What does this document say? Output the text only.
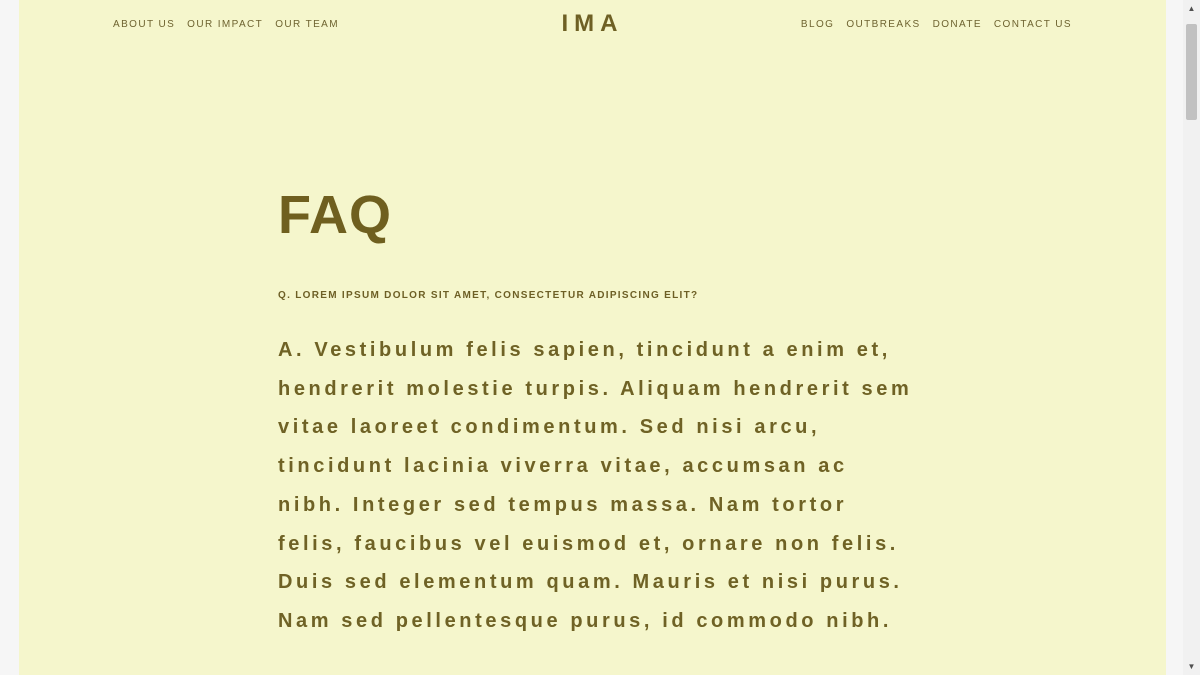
ABOUT US OUR IMPACT OUR TEAM	IMA	BLOG OUTBREAKS DONATE CONTACT US
FAQ

Q. LOREM IPSUM DOLOR SIT AMET, CONSECTETUR ADIPISCING ELIT?

A. Vestibulum felis sapien, tincidunt a enim et, hendrerit molestie turpis. Aliquam hendrerit sem vitae laoreet condimentum. Sed nisi arcu, tincidunt lacinia viverra vitae, accumsan ac nibh. Integer sed tempus massa. Nam tortor felis, faucibus vel euismod et, ornare non felis. Duis sed elementum quam. Mauris et nisi purus. Nam sed pellentesque purus, id commodo nibh.

▲
▼
